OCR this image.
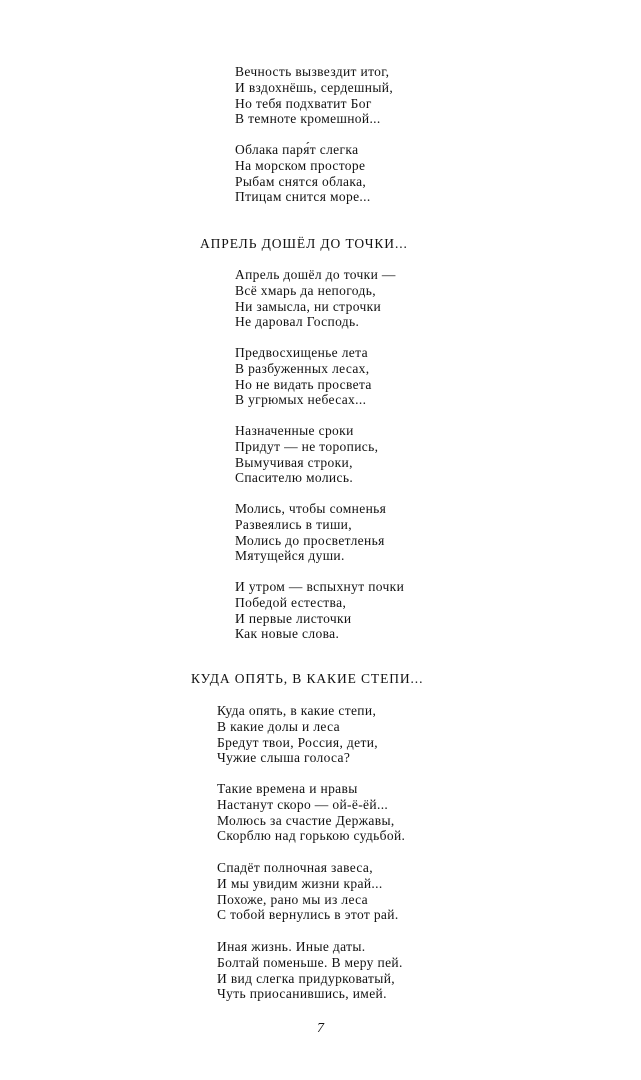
Вечность вызвездит итог,
И вздохнёшь, сердешный,
Но тебя подхватит Бог
В темноте кромешной...
Облака паря́т слегка
На морском просторе
Рыбам снятся облака,
Птицам снится море...
АПРЕЛЬ ДОШЁЛ ДО ТОЧКИ...
Апрель дошёл до точки —
Всё хмарь да непогодь,
Ни замысла, ни строчки
Не даровал Господь.
Предвосхищенье лета
В разбуженных лесах,
Но не видать просвета
В угрюмых небесах...
Назначенные сроки
Придут — не торопись,
Вымучивая строки,
Спасителю молись.
Молись, чтобы сомненья
Развеялись в тиши,
Молись до просветленья
Мятущейся души.
И утром — вспыхнут почки
Победой естества,
И первые листочки
Как новые слова.
КУДА ОПЯТЬ, В КАКИЕ СТЕПИ...
Куда опять, в какие степи,
В какие долы и леса
Бредут твои, Россия, дети,
Чужие слыша голоса?
Такие времена и нравы
Настанут скоро — ой-ё-ёй...
Молюсь за счастие Державы,
Скорблю над горькою судьбой.
Спадёт полночная завеса,
И мы увидим жизни край...
Похоже, рано мы из леса
С тобой вернулись в этот рай.
Иная жизнь. Иные даты.
Болтай поменьше. В меру пей.
И вид слегка придурковатый,
Чуть приосанившись, имей.
7
